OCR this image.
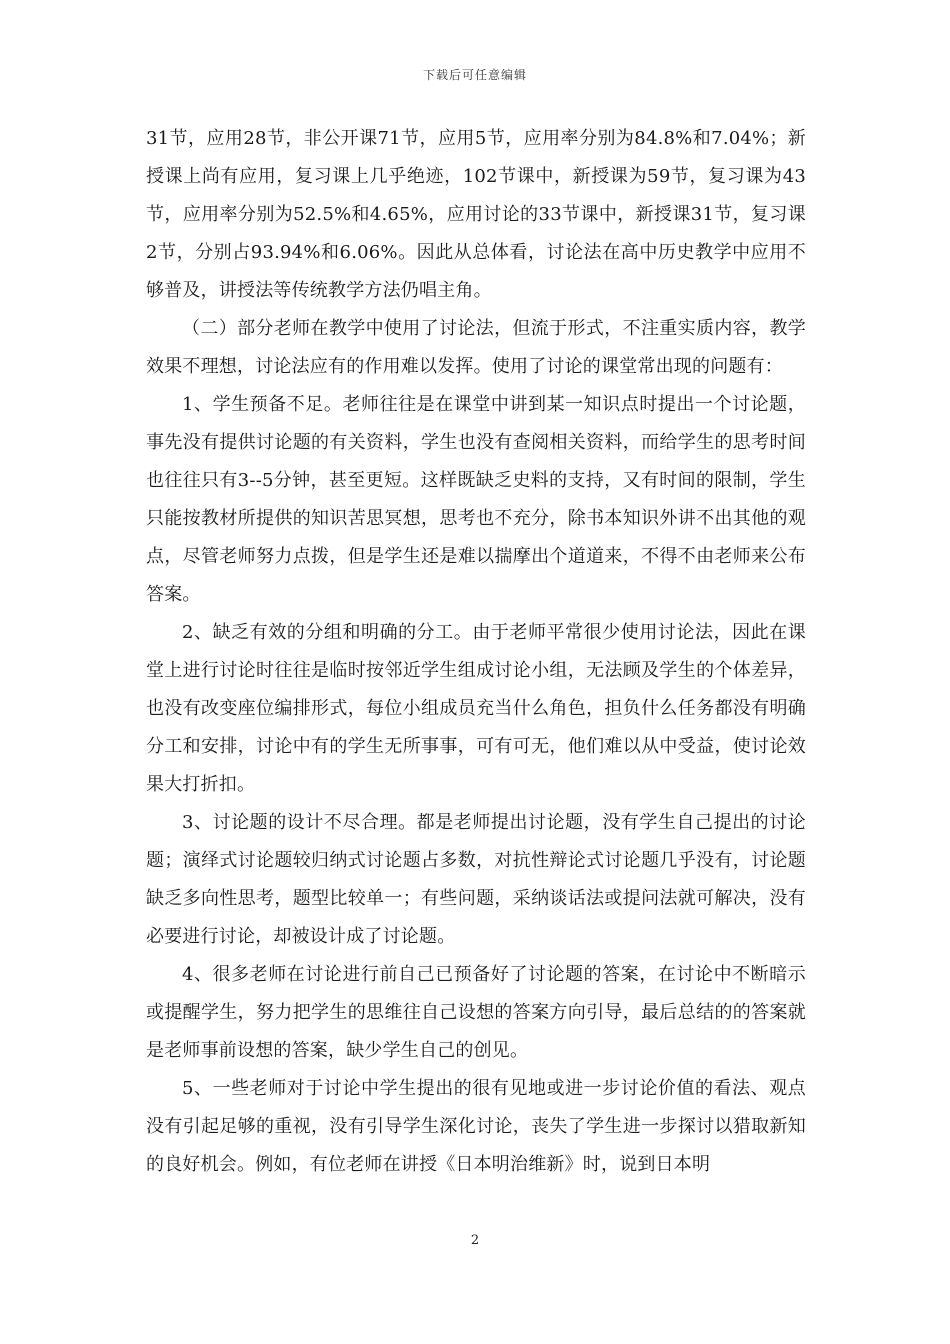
下载后可任意编辑

31节，应用28节，非公开课71节，应用5节，应用率分别为84.8%和7.04%；新授课上尚有应用，复习课上几乎绝迹，102节课中，新授课为59节，复习课为43节，应用率分别为52.5%和4.65%，应用讨论的33节课中，新授课31节，复习课2节，分别占93.94%和6.06%。因此从总体看，讨论法在高中历史教学中应用不够普及，讲授法等传统教学方法仍唱主角。

（二）部分老师在教学中使用了讨论法，但流于形式，不注重实质内容，教学效果不理想，讨论法应有的作用难以发挥。使用了讨论的课堂常出现的问题有：

1、学生预备不足。老师往往是在课堂中讲到某一知识点时提出一个讨论题，事先没有提供讨论题的有关资料，学生也没有查阅相关资料，而给学生的思考时间也往往只有3--5分钟，甚至更短。这样既缺乏史料的支持，又有时间的限制，学生只能按教材所提供的知识苦思冥想，思考也不充分，除书本知识外讲不出其他的观点，尽管老师努力点拨，但是学生还是难以揣摩出个道道来，不得不由老师来公布答案。

2、缺乏有效的分组和明确的分工。由于老师平常很少使用讨论法，因此在课堂上进行讨论时往往是临时按邻近学生组成讨论小组，无法顾及学生的个体差异，也没有改变座位编排形式，每位小组成员充当什么角色，担负什么任务都没有明确分工和安排，讨论中有的学生无所事事，可有可无，他们难以从中受益，使讨论效果大打折扣。

3、讨论题的设计不尽合理。都是老师提出讨论题，没有学生自己提出的讨论题；演绎式讨论题较归纳式讨论题占多数，对抗性辩论式讨论题几乎没有，讨论题缺乏多向性思考，题型比较单一；有些问题，采纳谈话法或提问法就可解决，没有必要进行讨论，却被设计成了讨论题。

4、很多老师在讨论进行前自己已预备好了讨论题的答案，在讨论中不断暗示或提醒学生，努力把学生的思维往自己设想的答案方向引导，最后总结的的答案就是老师事前设想的答案，缺少学生自己的创见。

5、一些老师对于讨论中学生提出的很有见地或进一步讨论价值的看法、观点没有引起足够的重视，没有引导学生深化讨论，丧失了学生进一步探讨以猎取新知的良好机会。例如，有位老师在讲授《日本明治维新》时，说到日本明

2
